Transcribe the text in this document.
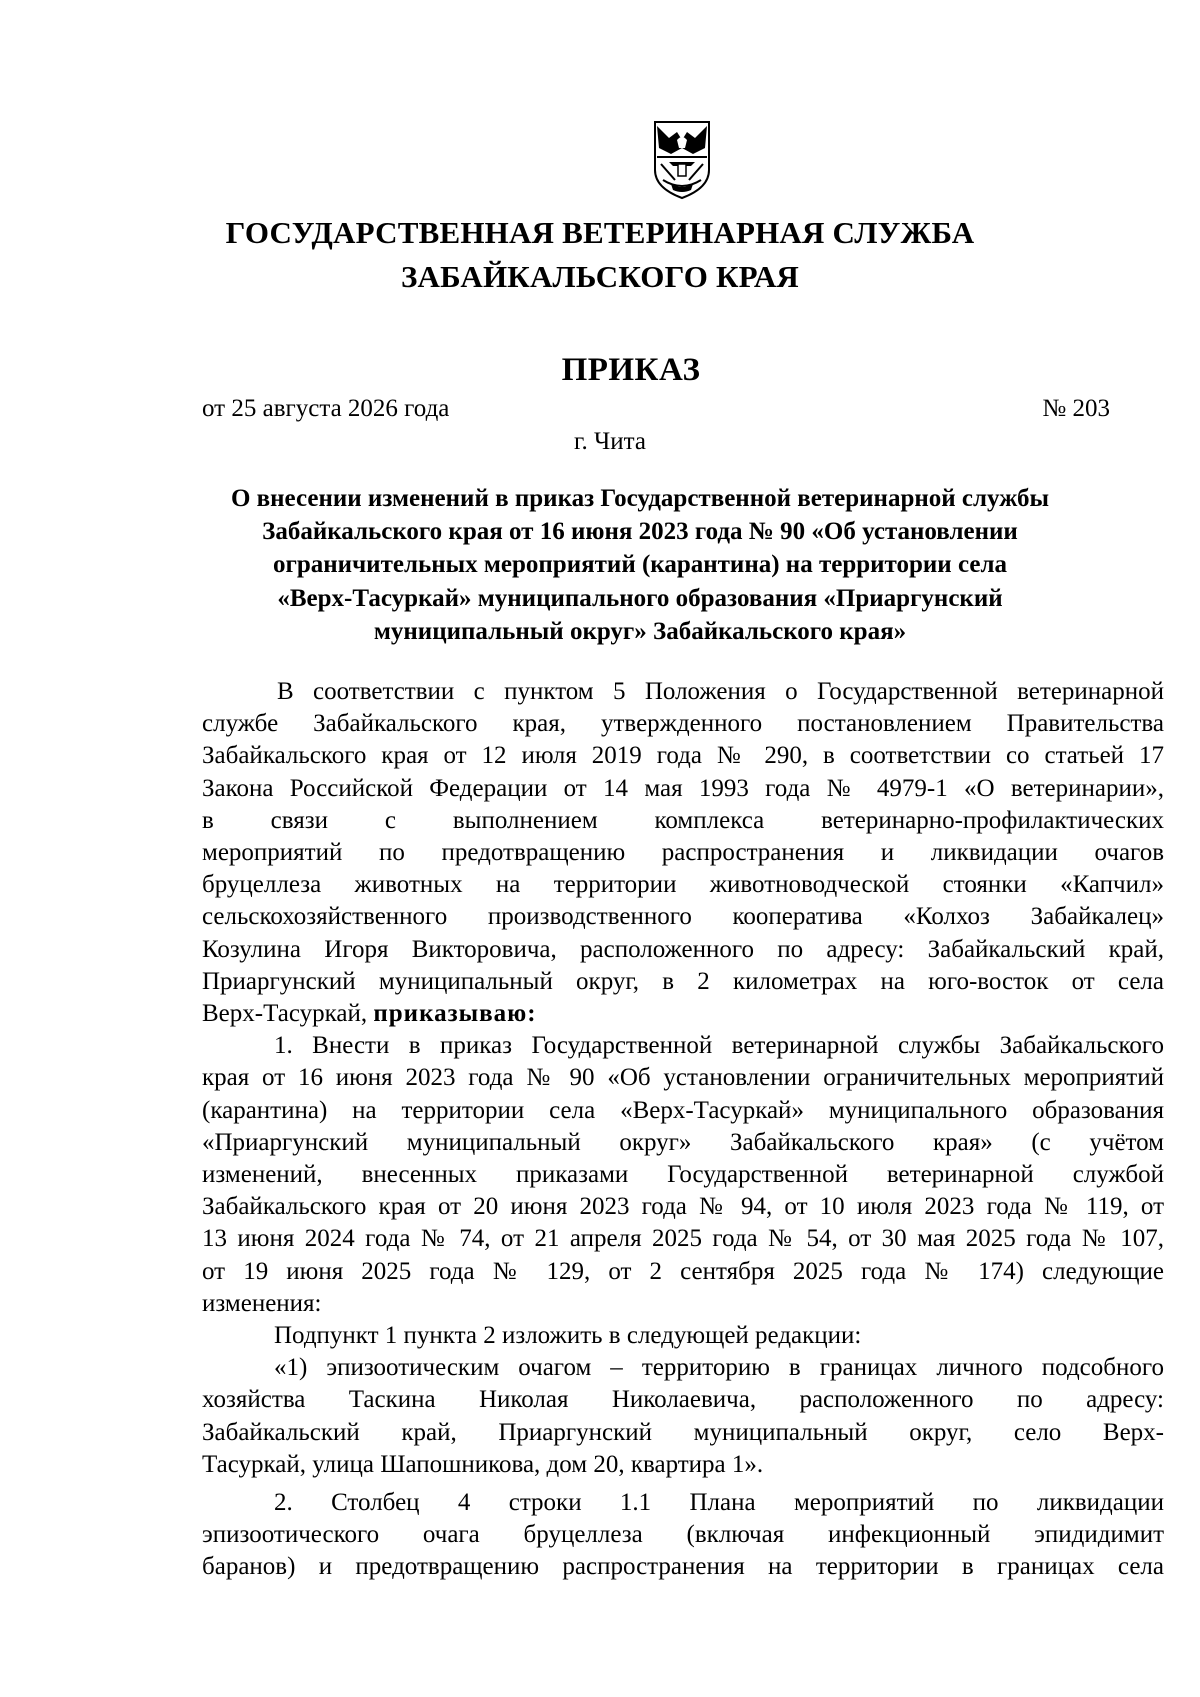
ГОСУДАРСТВЕННАЯ ВЕТЕРИНАРНАЯ СЛУЖБА
ЗАБАЙКАЛЬСКОГО КРАЯ
ПРИКАЗ
от 25 августа 2026 года	№ 203
г. Чита
О внесении изменений в приказ Государственной ветеринарной службы
Забайкальского края от 16 июня 2023 года № 90 «Об установлении
ограничительных мероприятий (карантина) на территории села
«Верх-Тасуркай» муниципального образования «Приаргунский
муниципальный округ» Забайкальского края»

В соответствии с пунктом 5 Положения о Государственной ветеринарной
службе Забайкальского края, утвержденного постановлением Правительства
Забайкальского края от 12 июля 2019 года № 290, в соответствии со статьей 17
Закона Российской Федерации от 14 мая 1993 года № 4979-1 «О ветеринарии»,
в связи с выполнением комплекса ветеринарно-профилактических
мероприятий по предотвращению распространения и ликвидации очагов
бруцеллеза животных на территории животноводческой стоянки «Капчил»
сельскохозяйственного производственного кооператива «Колхоз Забайкалец»
Козулина Игоря Викторовича, расположенного по адресу: Забайкальский край,
Приаргунский муниципальный округ, в 2 километрах на юго-восток от села
Верх-Тасуркай, приказываю:

1. Внести в приказ Государственной ветеринарной службы Забайкальского
края от 16 июня 2023 года № 90 «Об установлении ограничительных мероприятий
(карантина) на территории села «Верх-Тасуркай» муниципального образования
«Приаргунский муниципальный округ» Забайкальского края» (с учётом
изменений, внесенных приказами Государственной ветеринарной службой
Забайкальского края от 20 июня 2023 года № 94, от 10 июля 2023 года № 119, от
13 июня 2024 года № 74, от 21 апреля 2025 года № 54, от 30 мая 2025 года № 107,
от 19 июня 2025 года № 129, от 2 сентября 2025 года № 174) следующие
изменения:

Подпункт 1 пункта 2 изложить в следующей редакции:

«1) эпизоотическим очагом – территорию в границах личного подсобного
хозяйства Таскина Николая Николаевича, расположенного по адресу:
Забайкальский край, Приаргунский муниципальный округ, село Верх-
Тасуркай, улица Шапошникова, дом 20, квартира 1».

2. Столбец 4 строки 1.1 Плана мероприятий по ликвидации
эпизоотического очага бруцеллеза (включая инфекционный эпидидимит
баранов) и предотвращению распространения на территории в границах села
